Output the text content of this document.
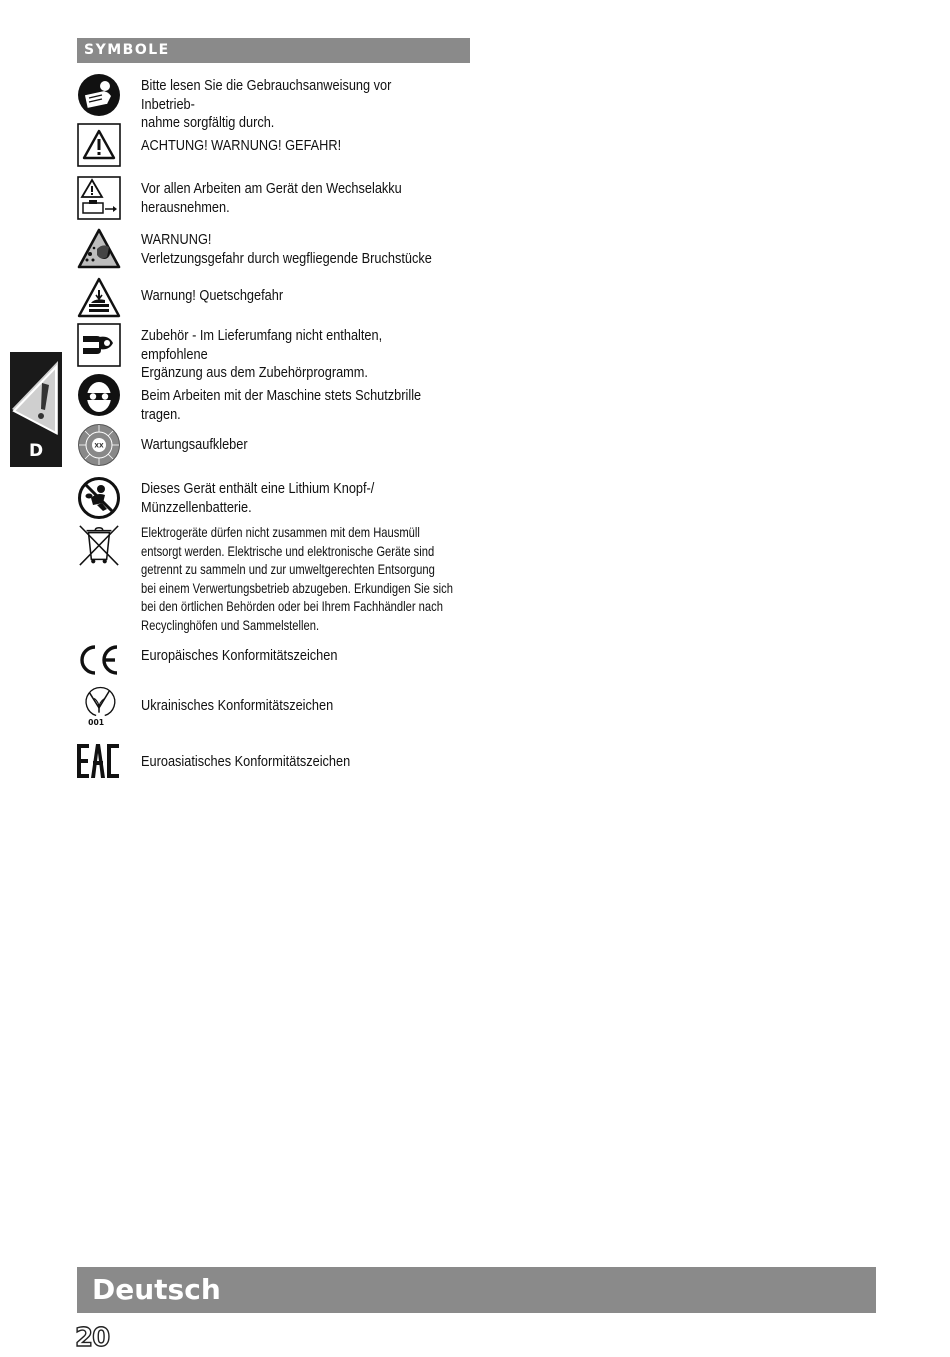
SYMBOLE
Bitte lesen Sie die Gebrauchsanweisung vor Inbetrieb-
nahme sorgfältig durch.
ACHTUNG! WARNUNG! GEFAHR!
Vor allen Arbeiten am Gerät den Wechselakku
herausnehmen.
WARNUNG!
Verletzungsgefahr durch wegfliegende Bruchstücke
Warnung! Quetschgefahr
Zubehör - Im Lieferumfang nicht enthalten, empfohlene
Ergänzung aus dem Zubehörprogramm.
Beim Arbeiten mit der Maschine stets Schutzbrille tragen.
XX	Wartungsaufkleber
Dieses Gerät enthält eine Lithium Knopf-/
Münzzellenbatterie.
Elektrogeräte dürfen nicht zusammen mit dem Hausmüll
entsorgt werden. Elektrische und elektronische Geräte sind
getrennt zu sammeln und zur umweltgerechten Entsorgung
bei einem Verwertungsbetrieb abzugeben. Erkundigen Sie sich
bei den örtlichen Behörden oder bei Ihrem Fachhändler nach
Recyclinghöfen und Sammelstellen.
Europäisches Konformitätszeichen
001
Ukrainisches Konformitätszeichen
Euroasiatisches Konformitätszeichen
D
Deutsch
20
